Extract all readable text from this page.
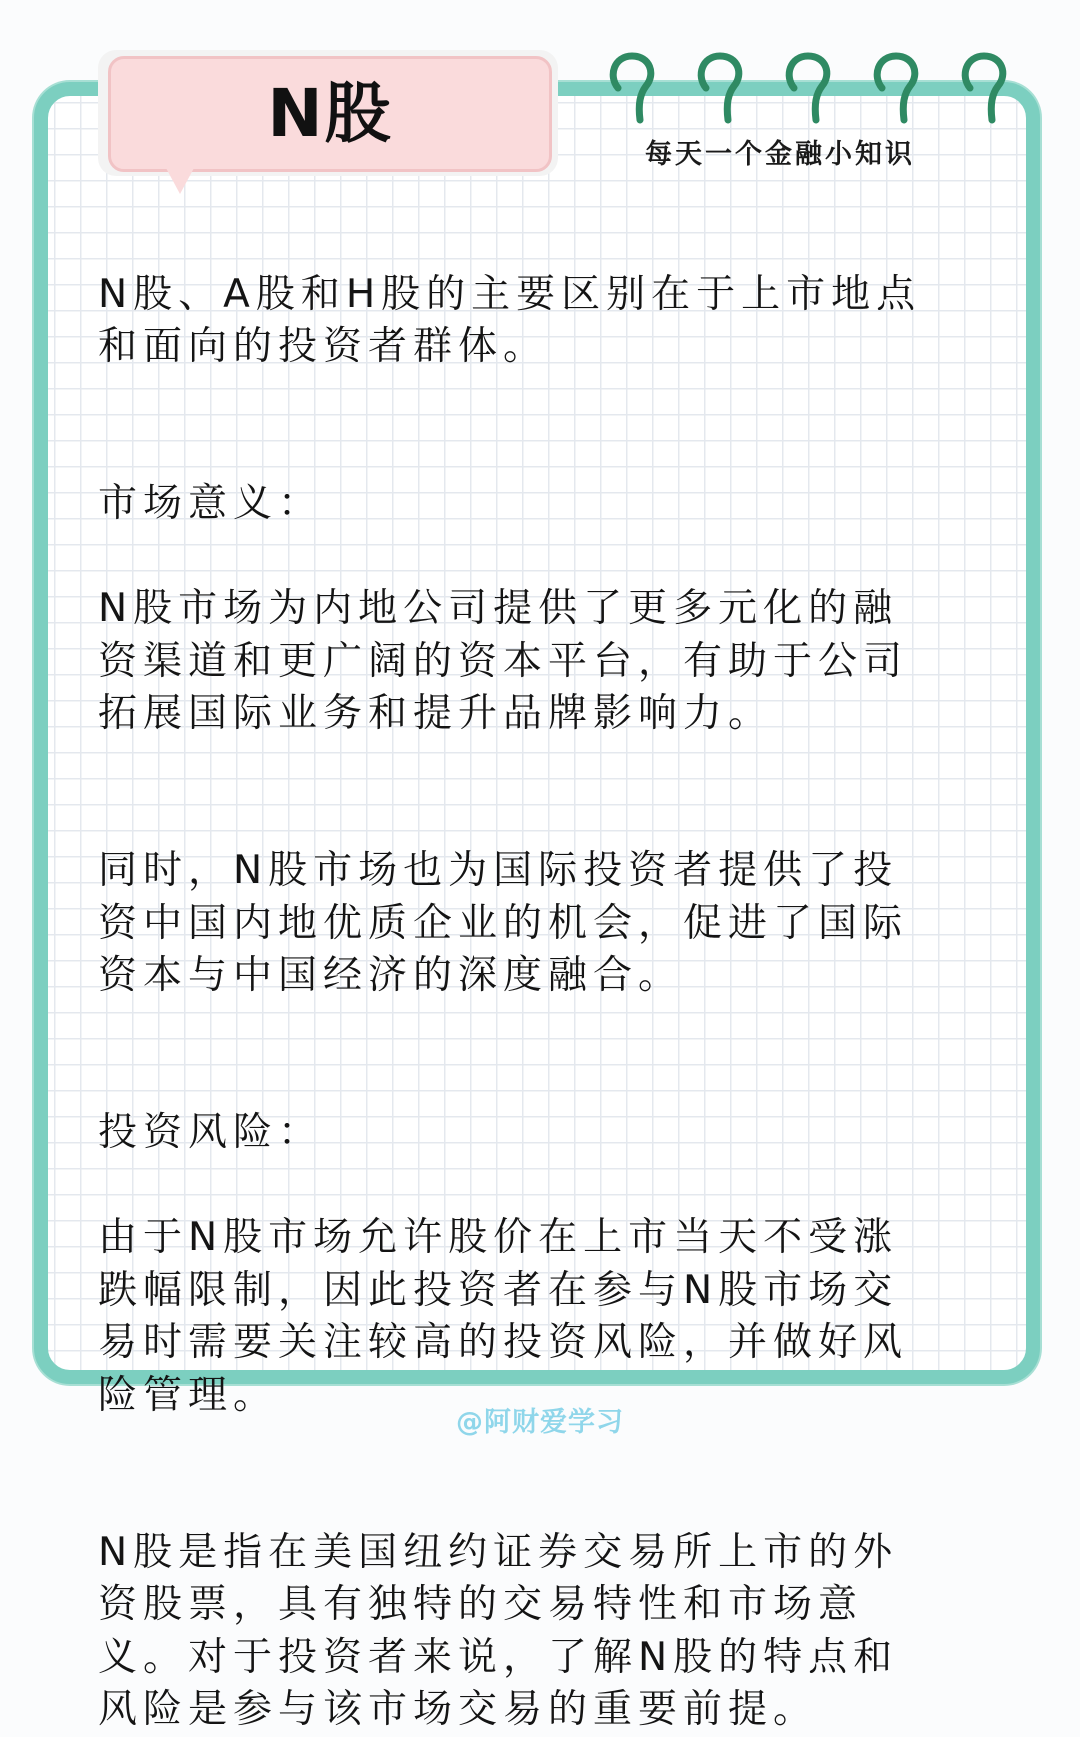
N股
每天一个金融小知识

N股、A股和H股的主要区别在于上市地点
和面向的投资者群体。

市场意义：

N股市场为内地公司提供了更多元化的融
资渠道和更广阔的资本平台，有助于公司
拓展国际业务和提升品牌影响力。

同时，N股市场也为国际投资者提供了投
资中国内地优质企业的机会，促进了国际
资本与中国经济的深度融合。

投资风险：

由于N股市场允许股价在上市当天不受涨
跌幅限制，因此投资者在参与N股市场交
易时需要关注较高的投资风险，并做好风
险管理。

N股是指在美国纽约证券交易所上市的外
资股票，具有独特的交易特性和市场意
义。对于投资者来说，了解N股的特点和
风险是参与该市场交易的重要前提。

@阿财爱学习
